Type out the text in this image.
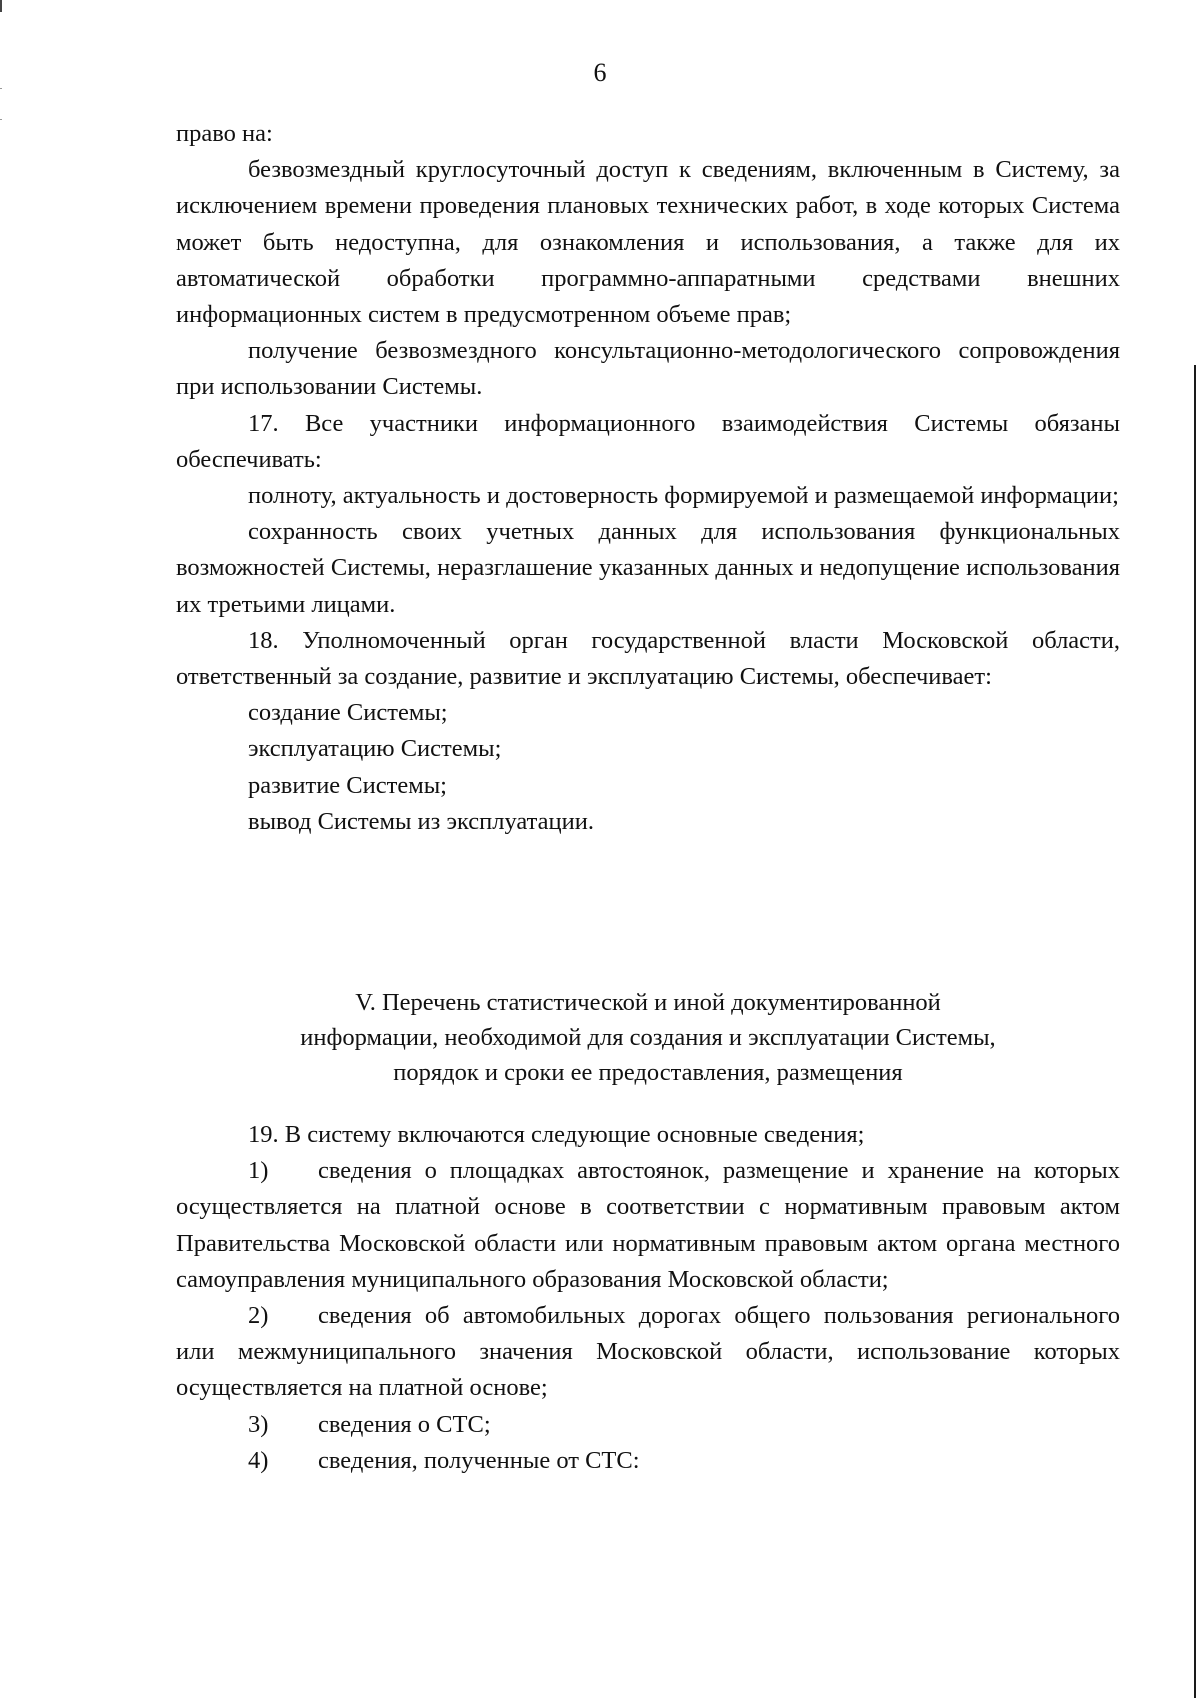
6

право на:

безвозмездный круглосуточный доступ к сведениям, включенным в Систему, за исключением времени проведения плановых технических работ, в ходе которых Система может быть недоступна, для ознакомления и использования, а также для их автоматической обработки программно-аппаратными средствами внешних информационных систем в предусмотренном объеме прав;

получение безвозмездного консультационно-методологического сопровождения при использовании Системы.

17. Все участники информационного взаимодействия Системы обязаны обеспечивать:

полноту, актуальность и достоверность формируемой и размещаемой информации;

сохранность своих учетных данных для использования функциональных возможностей Системы, неразглашение указанных данных и недопущение использования их третьими лицами.

18. Уполномоченный орган государственной власти Московской области, ответственный за создание, развитие и эксплуатацию Системы, обеспечивает:

создание Системы;

эксплуатацию Системы;

развитие Системы;

вывод Системы из эксплуатации.

V. Перечень статистической и иной документированной
информации, необходимой для создания и эксплуатации Системы,
порядок и сроки ее предоставления, размещения

19. В систему включаются следующие основные сведения;

1) сведения о площадках автостоянок, размещение и хранение на которых осуществляется на платной основе в соответствии с нормативным правовым актом Правительства Московской области или нормативным правовым актом органа местного самоуправления муниципального образования Московской области;

2) сведения об автомобильных дорогах общего пользования регионального или межмуниципального значения Московской области, использование которых осуществляется на платной основе;

3) сведения о СТС;

4) сведения, полученные от СТС:
